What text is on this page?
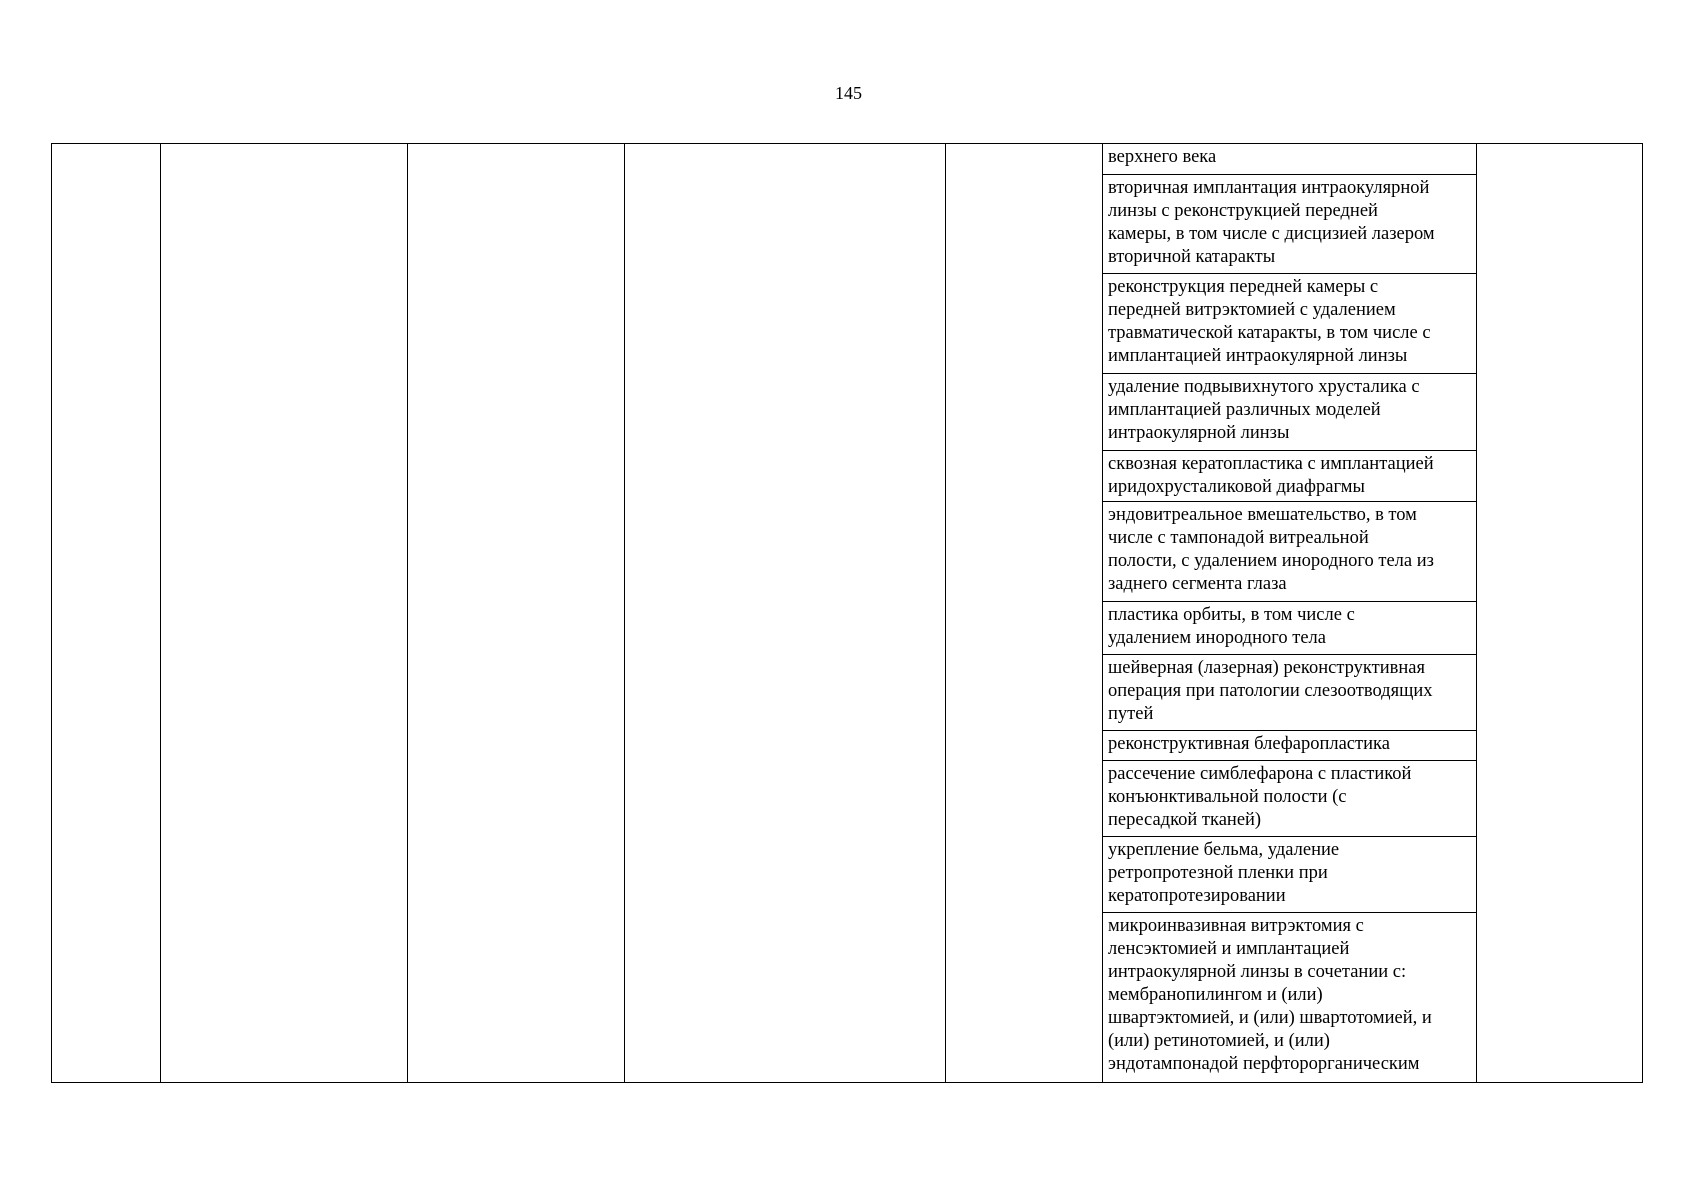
145
верхнего века
вторичная имплантация интраокулярной
линзы с реконструкцией передней
камеры, в том числе с дисцизией лазером
вторичной катаракты
реконструкция передней камеры с
передней витрэктомией с удалением
травматической катаракты, в том числе с
имплантацией интраокулярной линзы
удаление подвывихнутого хрусталика с
имплантацией различных моделей
интраокулярной линзы
сквозная кератопластика с имплантацией
иридохрусталиковой диафрагмы
эндовитреальное вмешательство, в том
числе с тампонадой витреальной
полости, с удалением инородного тела из
заднего сегмента глаза
пластика орбиты, в том числе с
удалением инородного тела
шейверная (лазерная) реконструктивная
операция при патологии слезоотводящих
путей
реконструктивная блефаропластика
рассечение симблефарона с пластикой
конъюнктивальной полости (с
пересадкой тканей)
укрепление бельма, удаление
ретропротезной пленки при
кератопротезировании
микроинвазивная витрэктомия с
ленсэктомией и имплантацией
интраокулярной линзы в сочетании с:
мембранопилингом и (или)
швартэктомией, и (или) швартотомией, и
(или) ретинотомией, и (или)
эндотампонадой перфторорганическим
